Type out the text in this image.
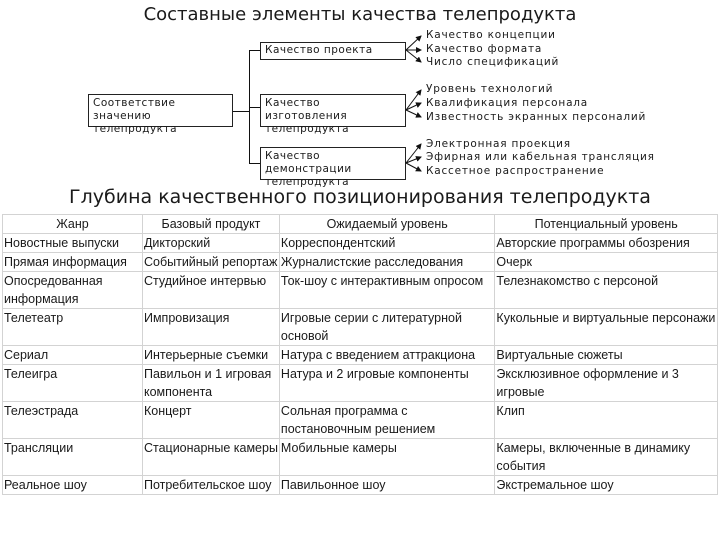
Составные элементы качества телепродукта
Соответствие значению телепродукта
Качество проекта
Качество изготовления телепродукта
Качество демонстрации телепродукта
Качество концепции
Качество формата
Число спецификаций
Уровень технологий
Квалификация персонала
Известность экранных персоналий
Электронная проекция
Эфирная или кабельная трансляция
Кассетное распространение
Глубина качественного позиционирования телепродукта
Жанр	Базовый продукт	Ожидаемый уровень	Потенциальный уровень
Новостные выпуски	Дикторский	Корреспондентский	Авторские программы обозрения
Прямая информация	Событийный репортаж	Журналистские расследования	Очерк
Опосредованная информация	Студийное интервью	Ток-шоу с интерактивным опросом	Телезнакомство с персоной
Телетеатр	Импровизация	Игровые серии с литературной основой	Кукольные и виртуальные персонажи
Сериал	Интерьерные съемки	Натура с введением аттракциона	Виртуальные сюжеты
Телеигра	Павильон и 1 игровая компонента	Натура и 2 игровые компоненты	Эксклюзивное оформление и 3 игровые
Телеэстрада	Концерт	Сольная программа с постановочным решением	Клип
Трансляции	Стационарные камеры	Мобильные камеры	Камеры, включенные в динамику события
Реальное шоу	Потребительское шоу	Павильонное шоу	Экстремальное шоу
